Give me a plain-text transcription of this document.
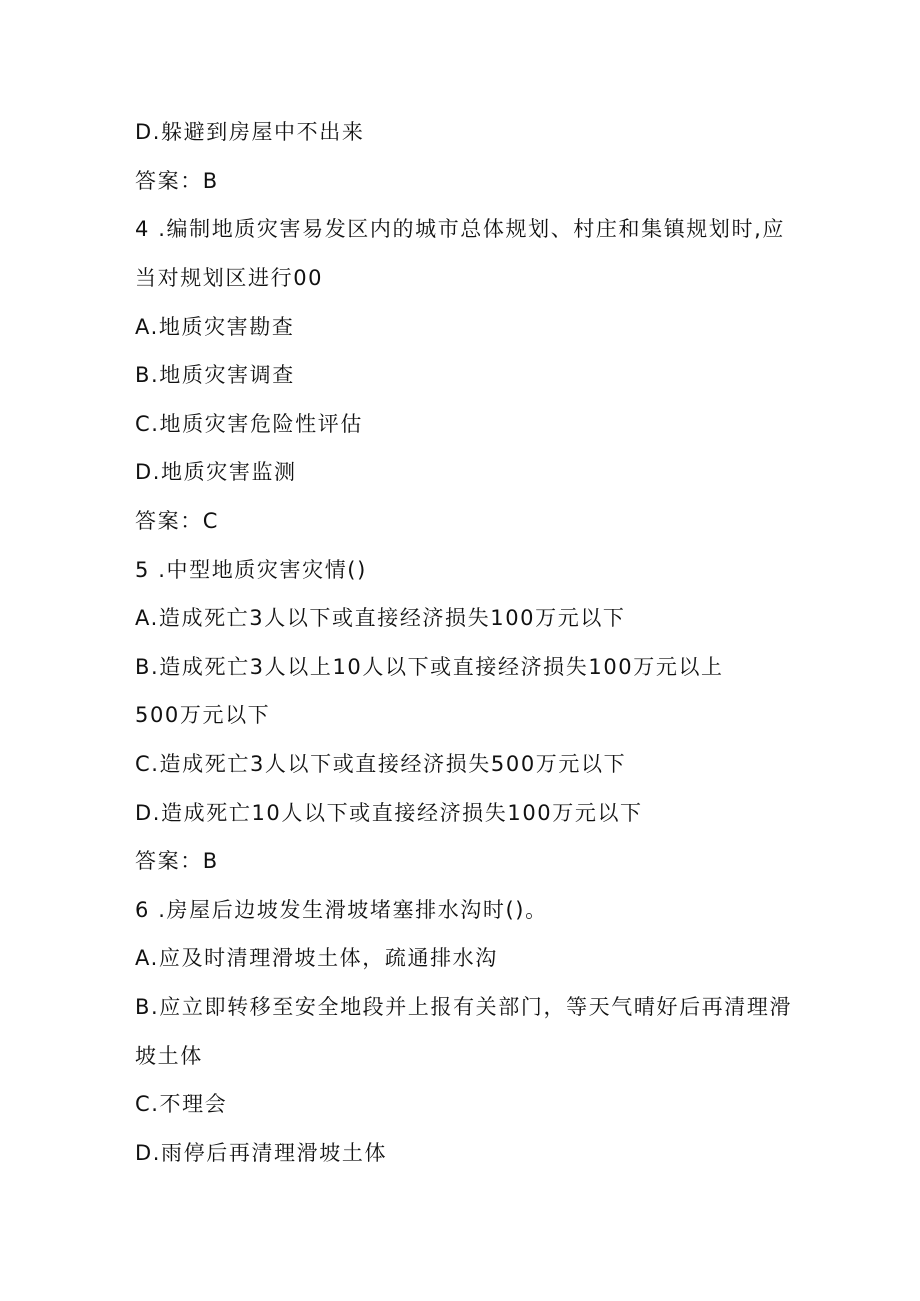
D.躲避到房屋中不出来

答案：B

4 .编制地质灾害易发区内的城市总体规划、村庄和集镇规划时,应

当对规划区进行00

A.地质灾害勘查

B.地质灾害调查

C.地质灾害危险性评估

D.地质灾害监测

答案：C

5 .中型地质灾害灾情()

A.造成死亡3人以下或直接经济损失100万元以下

B.造成死亡3人以上10人以下或直接经济损失100万元以上

500万元以下

C.造成死亡3人以下或直接经济损失500万元以下

D.造成死亡10人以下或直接经济损失100万元以下

答案：B

6 .房屋后边坡发生滑坡堵塞排水沟时()。

A.应及时清理滑坡土体，疏通排水沟

B.应立即转移至安全地段并上报有关部门，等天气晴好后再清理滑

坡土体

C.不理会

D.雨停后再清理滑坡土体
